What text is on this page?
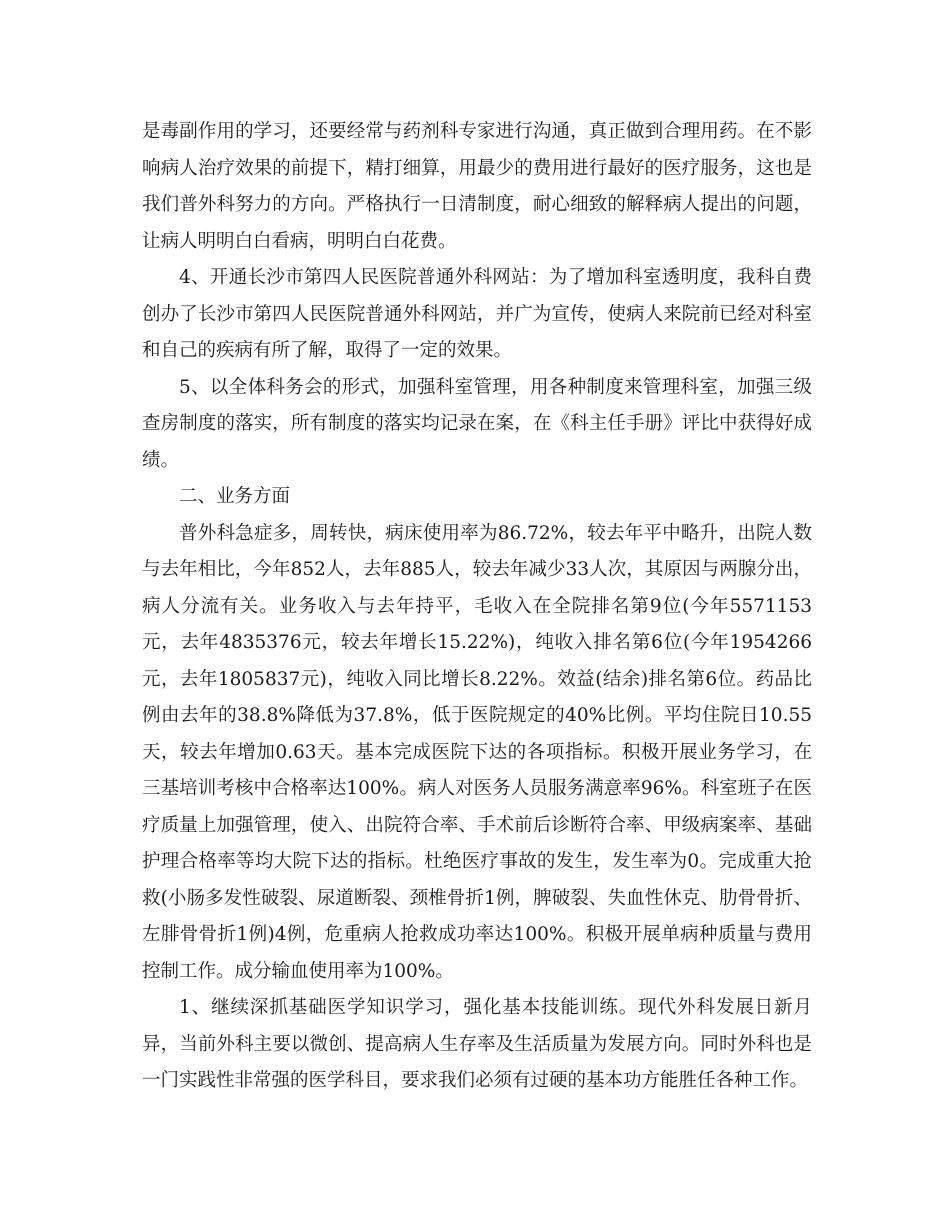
是毒副作用的学习，还要经常与药剂科专家进行沟通，真正做到合理用药。在不影响病人治疗效果的前提下，精打细算，用最少的费用进行最好的医疗服务，这也是我们普外科努力的方向。严格执行一日清制度，耐心细致的解释病人提出的问题，让病人明明白白看病，明明白白花费。

4、开通长沙市第四人民医院普通外科网站：为了增加科室透明度，我科自费创办了长沙市第四人民医院普通外科网站，并广为宣传，使病人来院前已经对科室和自己的疾病有所了解，取得了一定的效果。

5、以全体科务会的形式，加强科室管理，用各种制度来管理科室，加强三级查房制度的落实，所有制度的落实均记录在案，在《科主任手册》评比中获得好成绩。

二、业务方面

普外科急症多，周转快，病床使用率为86.72%，较去年平中略升，出院人数与去年相比，今年852人，去年885人，较去年减少33人次，其原因与两腺分出，病人分流有关。业务收入与去年持平，毛收入在全院排名第9位(今年5571153元，去年4835376元，较去年增长15.22%)，纯收入排名第6位(今年1954266元，去年1805837元)，纯收入同比增长8.22%。效益(结余)排名第6位。药品比例由去年的38.8%降低为37.8%，低于医院规定的40%比例。平均住院日10.55天，较去年增加0.63天。基本完成医院下达的各项指标。积极开展业务学习，在三基培训考核中合格率达100%。病人对医务人员服务满意率96%。科室班子在医疗质量上加强管理，使入、出院符合率、手术前后诊断符合率、甲级病案率、基础护理合格率等均大院下达的指标。杜绝医疗事故的发生，发生率为0。完成重大抢救(小肠多发性破裂、尿道断裂、颈椎骨折1例，脾破裂、失血性休克、肋骨骨折、左腓骨骨折1例)4例，危重病人抢救成功率达100%。积极开展单病种质量与费用控制工作。成分输血使用率为100%。

1、继续深抓基础医学知识学习，强化基本技能训练。现代外科发展日新月异，当前外科主要以微创、提高病人生存率及生活质量为发展方向。同时外科也是一门实践性非常强的医学科目，要求我们必须有过硬的基本功方能胜任各种工作。
